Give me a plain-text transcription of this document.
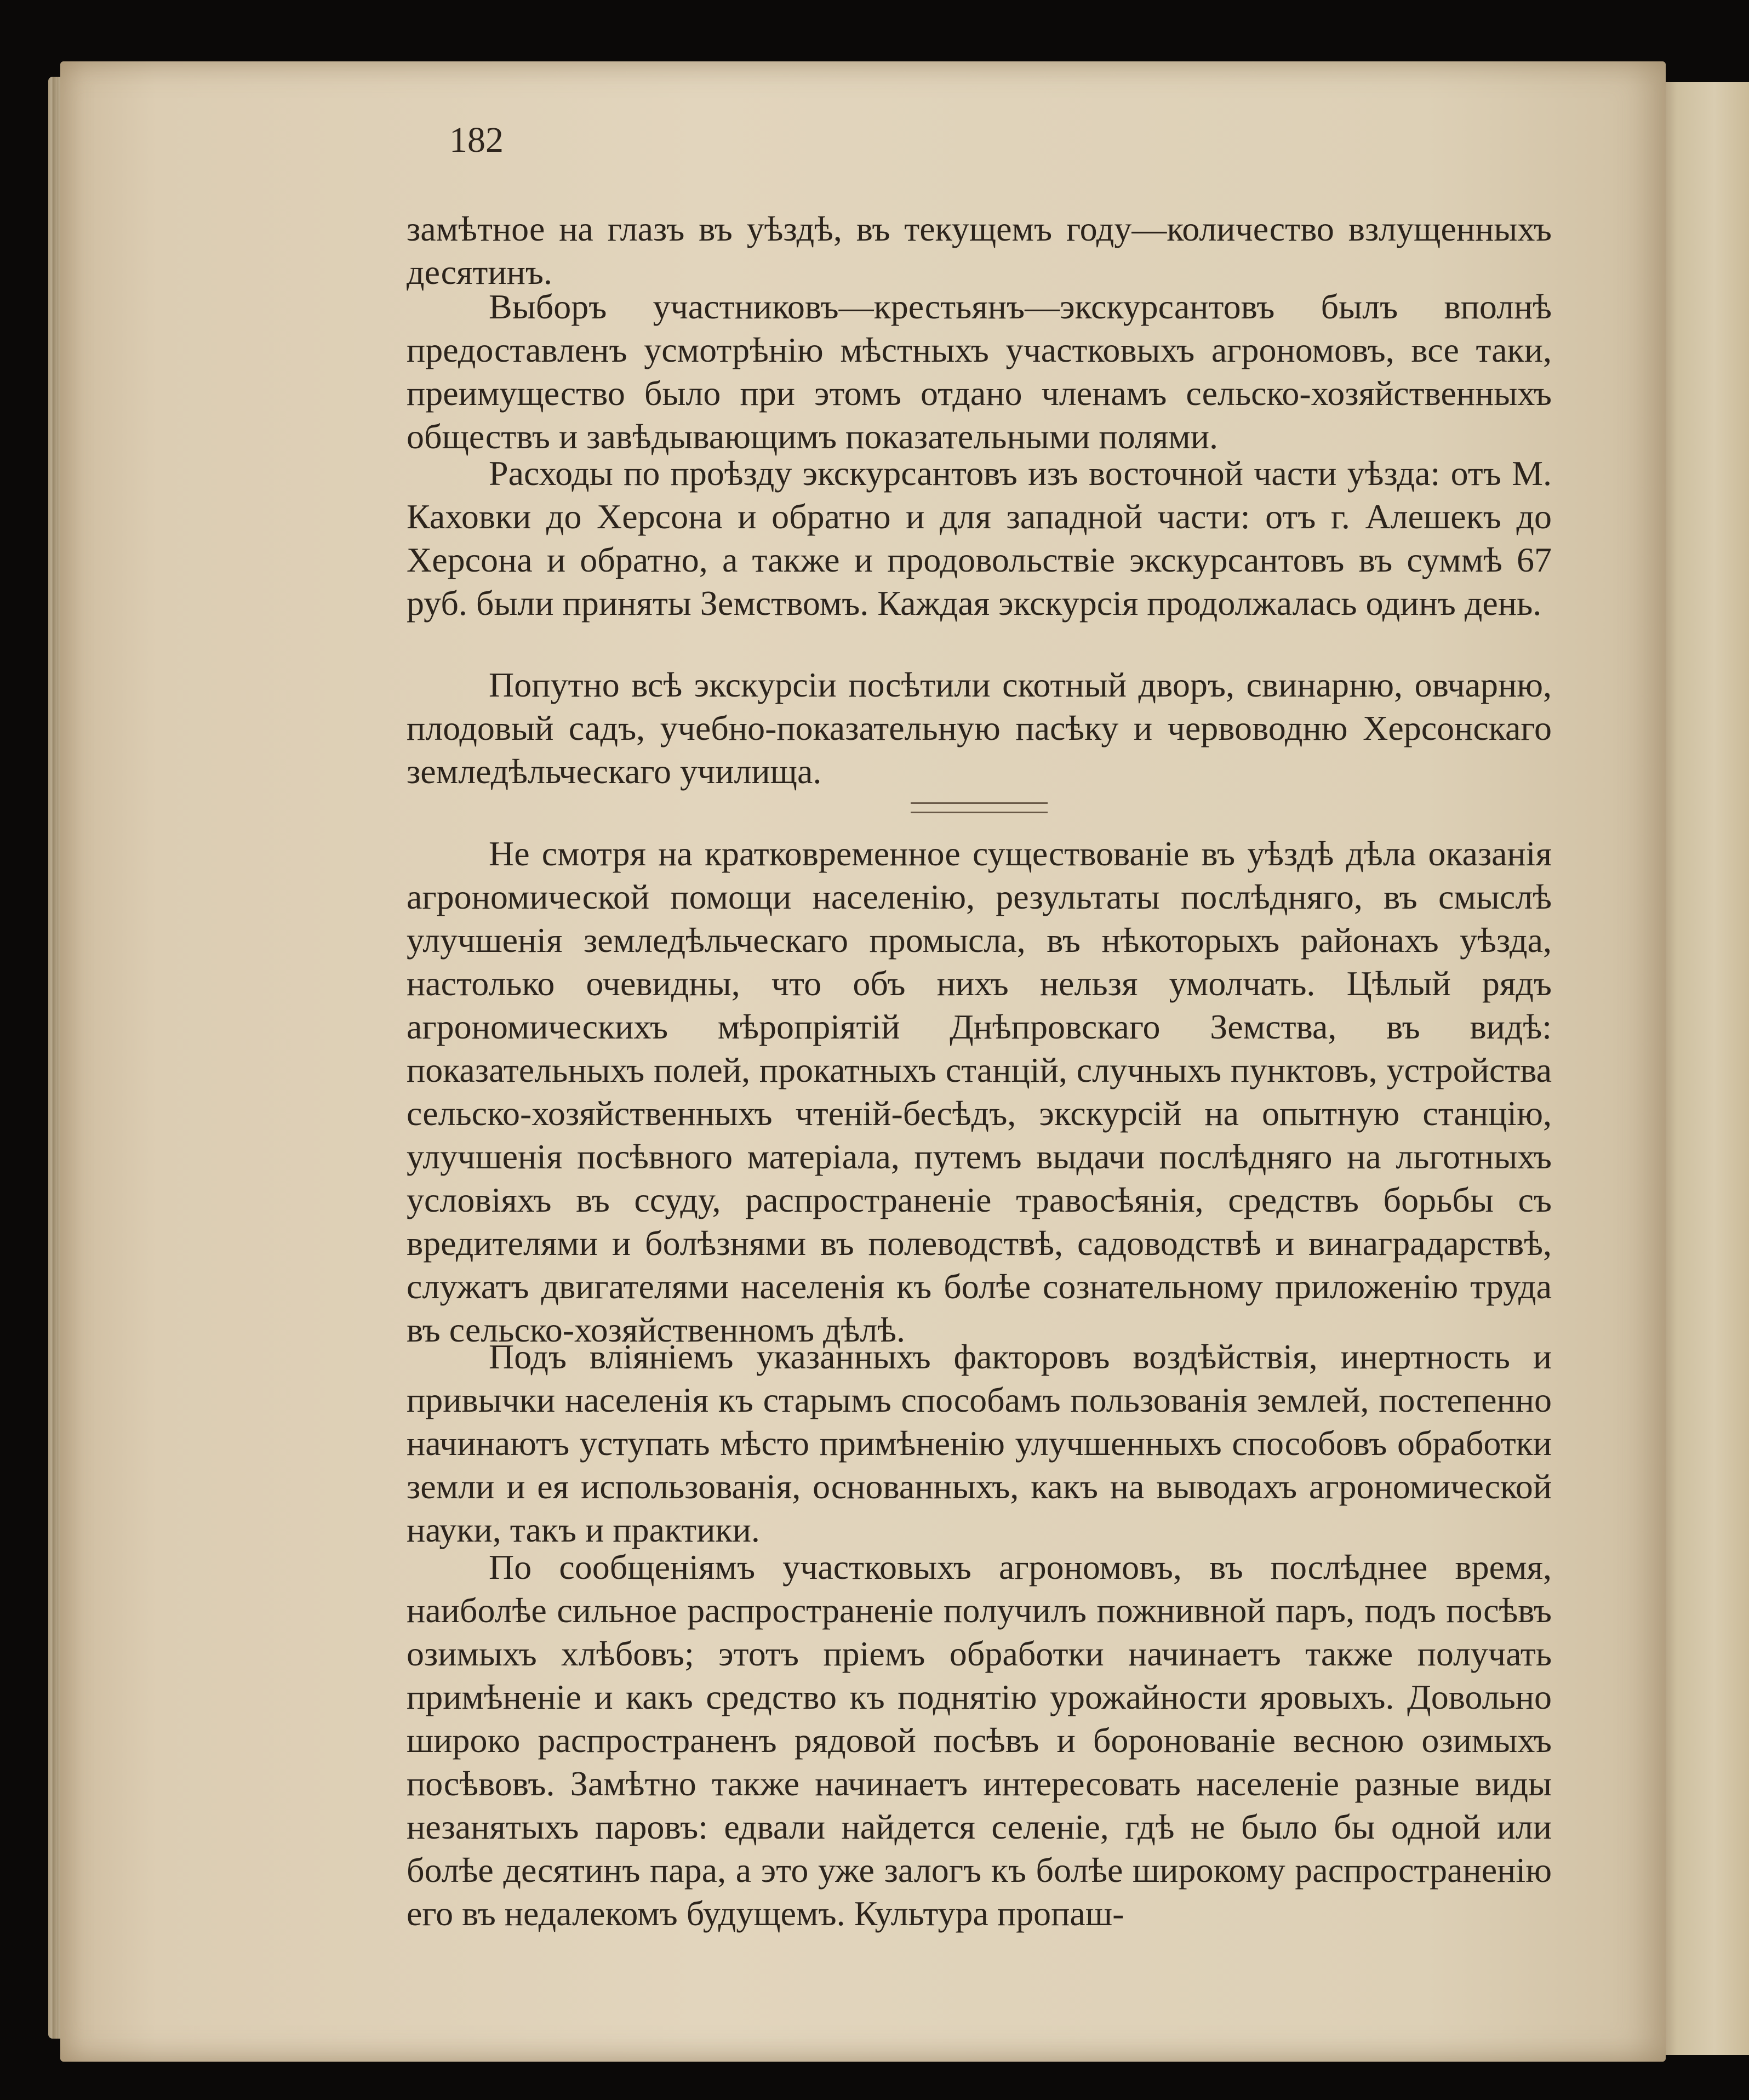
182

замѣтное на глазъ въ уѣздѣ, въ текущемъ году—количество взлущенныхъ десятинъ.

Выборъ участниковъ—крестьянъ—экскурсантовъ былъ вполнѣ предоставленъ усмотрѣнію мѣстныхъ участковыхъ агрономовъ, все таки, преимущество было при этомъ отдано членамъ сельско-хозяйственныхъ обществъ и завѣдывающимъ показательными полями.

Расходы по проѣзду экскурсантовъ изъ восточной части уѣзда: отъ М. Каховки до Херсона и обратно и для западной части: отъ г. Алешекъ до Херсона и обратно, а также и продовольствіе экскурсантовъ въ суммѣ 67 руб. были приняты Земствомъ. Каждая экскурсія продолжалась одинъ день.

Попутно всѣ экскурсіи посѣтили скотный дворъ, свинарню, овчарню, плодовый садъ, учебно-показательную пасѣку и червоводню Херсонскаго земледѣльческаго училища.

Не смотря на кратковременное существованіе въ уѣздѣ дѣла оказанія агрономической помощи населенію, результаты послѣдняго, въ смыслѣ улучшенія земледѣльческаго промысла, въ нѣкоторыхъ районахъ уѣзда, настолько очевидны, что объ нихъ нельзя умолчать. Цѣлый рядъ агрономическихъ мѣропріятій Днѣпровскаго Земства, въ видѣ: показательныхъ полей, прокатныхъ станцій, случныхъ пунктовъ, устройства сельско-хозяйственныхъ чтеній-бесѣдъ, экскурсій на опытную станцію, улучшенія посѣвного матеріала, путемъ выдачи послѣдняго на льготныхъ условіяхъ въ ссуду, распространеніе травосѣянія, средствъ борьбы съ вредителями и болѣзнями въ полеводствѣ, садоводствѣ и винаградарствѣ, служатъ двигателями населенія къ болѣе сознательному приложенію труда въ сельско-хозяйственномъ дѣлѣ.

Подъ вліяніемъ указанныхъ факторовъ воздѣйствія, инертность и привычки населенія къ старымъ способамъ пользованія землей, постепенно начинаютъ уступать мѣсто примѣненію улучшенныхъ способовъ обработки земли и ея использованія, основанныхъ, какъ на выводахъ агрономической науки, такъ и практики.

По сообщеніямъ участковыхъ агрономовъ, въ послѣднее время, наиболѣе сильное распространеніе получилъ пожнивной паръ, подъ посѣвъ озимыхъ хлѣбовъ; этотъ пріемъ обработки начинаетъ также получать примѣненіе и какъ средство къ поднятію урожайности яровыхъ. Довольно широко распространенъ рядовой посѣвъ и боронованіе весною озимыхъ посѣвовъ. Замѣтно также начинаетъ интересовать населеніе разные виды незанятыхъ паровъ: едвали найдется селеніе, гдѣ не было бы одной или болѣе десятинъ пара, а это уже залогъ къ болѣе широкому распространенію его въ недалекомъ будущемъ. Культура пропаш-
